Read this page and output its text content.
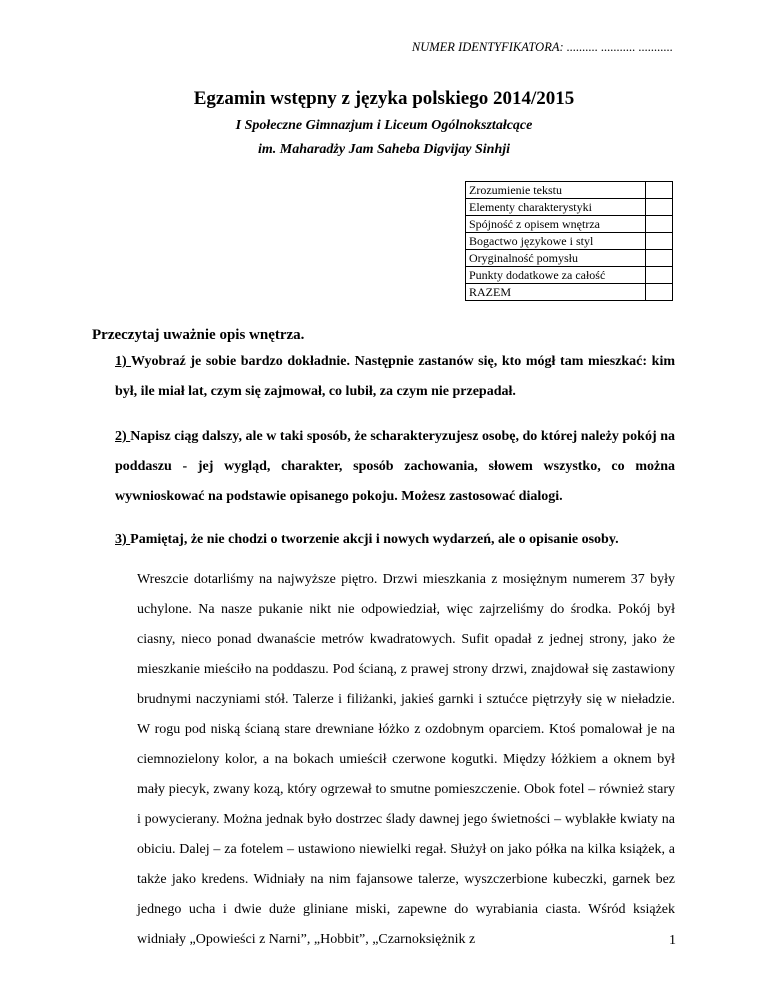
NUMER IDENTYFIKATORA: .......... ........... ...........
Egzamin wstępny z języka polskiego 2014/2015
I Społeczne Gimnazjum i Liceum Ogólnokształcące
im. Maharadży Jam Saheba Digvijay Sinhji
Zrozumienie tekstu	
Elementy charakterystyki	
Spójność z opisem wnętrza	
Bogactwo językowe i styl	
Oryginalność pomysłu	
Punkty dodatkowe za całość	
RAZEM	
Przeczytaj uważnie opis wnętrza.
1) Wyobraź je sobie bardzo dokładnie. Następnie zastanów się, kto mógł tam mieszkać: kim był, ile miał lat, czym się zajmował, co lubił, za czym nie przepadał.
2) Napisz ciąg dalszy, ale w taki sposób, że scharakteryzujesz osobę, do której należy pokój na poddaszu - jej wygląd, charakter, sposób zachowania, słowem wszystko, co można wywnioskować na podstawie opisanego pokoju. Możesz zastosować dialogi.
3) Pamiętaj, że nie chodzi o tworzenie akcji i nowych wydarzeń, ale o opisanie osoby.
Wreszcie dotarliśmy na najwyższe piętro. Drzwi mieszkania z mosiężnym numerem 37 były uchylone. Na nasze pukanie nikt nie odpowiedział, więc zajrzeliśmy do środka. Pokój był ciasny, nieco ponad dwanaście metrów kwadratowych. Sufit opadał z jednej strony, jako że mieszkanie mieściło na poddaszu. Pod ścianą, z prawej strony drzwi, znajdował się zastawiony brudnymi naczyniami stół. Talerze i filiżanki, jakieś garnki i sztućce piętrzyły się w nieładzie. W rogu pod niską ścianą stare drewniane łóżko z ozdobnym oparciem. Ktoś pomalował je na ciemnozielony kolor, a na bokach umieścił czerwone kogutki. Między łóżkiem a oknem był mały piecyk, zwany kozą, który ogrzewał to smutne pomieszczenie. Obok fotel – również stary i powycierany. Można jednak było dostrzec ślady dawnej jego świetności – wyblakłe kwiaty na obiciu. Dalej – za fotelem – ustawiono niewielki regał. Służył on jako półka na kilka książek, a także jako kredens. Widniały na nim fajansowe talerze, wyszczerbione kubeczki, garnek bez jednego ucha i dwie duże gliniane miski, zapewne do wyrabiania ciasta. Wśród książek widniały „Opowieści z Narni”, „Hobbit”, „Czarnoksiężnik z	1
